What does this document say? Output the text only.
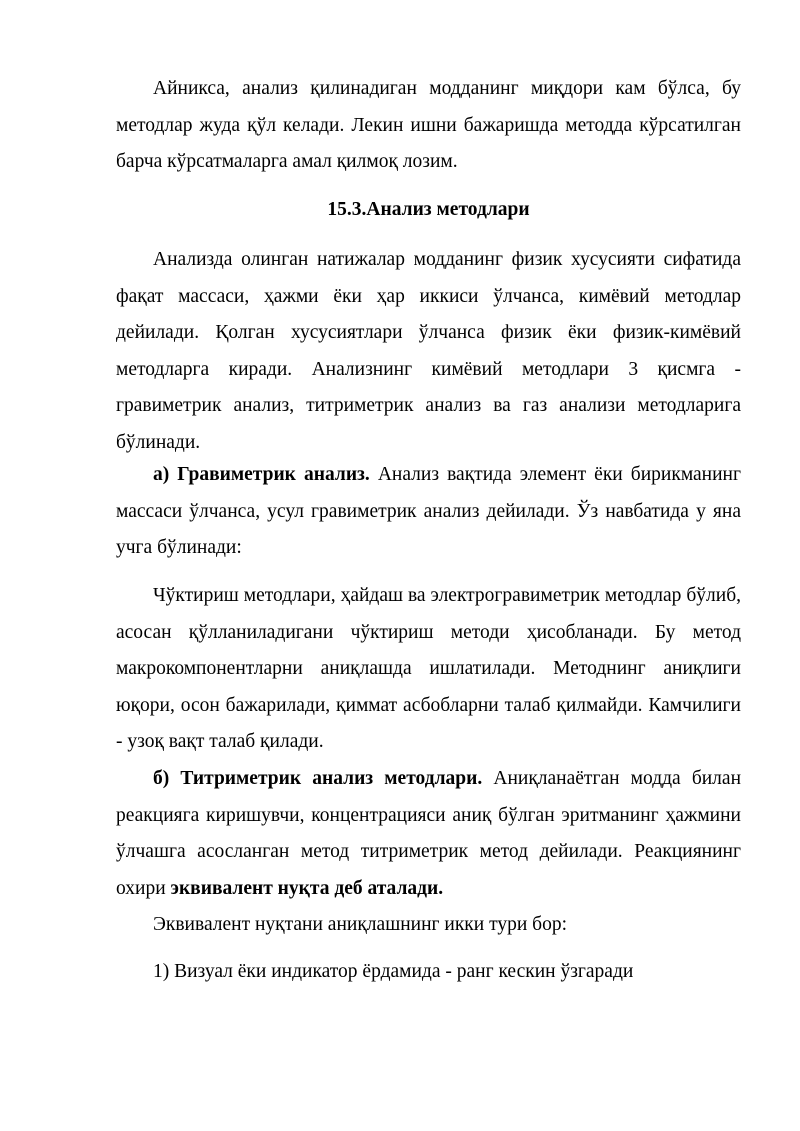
Айникса, анализ қилинадиган модданинг миқдори кам бўлса, бу методлар жуда қўл келади. Лекин ишни бажаришда методда кўрсатилган барча кўрсатмаларга амал қилмоқ лозим.

15.3.Анализ методлари

Анализда олинган натижалар модданинг физик хусусияти сифатида фақат массаси, ҳажми ёки ҳар иккиси ўлчанса, кимёвий методлар дейилади. Қолган хусусиятлари ўлчанса физик ёки физик-кимёвий методларга киради. Анализнинг кимёвий методлари 3 қисмга - гравиметрик анализ, титриметрик анализ ва газ анализи методларига бўлинади.

а) Гравиметрик анализ. Анализ вақтида элемент ёки бирикманинг массаси ўлчанса, усул гравиметрик анализ дейилади. Ўз навбатида у яна учга бўлинади:

Чўктириш методлари, ҳайдаш ва электрогравиметрик методлар бўлиб, асосан қўлланиладигани чўктириш методи ҳисобланади. Бу метод макрокомпонентларни аниқлашда ишлатилади. Методнинг аниқлиги юқори, осон бажарилади, қиммат асбобларни талаб қилмайди. Камчилиги - узоқ вақт талаб қилади.

б) Титриметрик анализ методлари. Аниқланаётган модда билан реакцияга киришувчи, концентрацияси аниқ бўлган эритманинг ҳажмини ўлчашга асосланган метод титриметрик метод дейилади. Реакциянинг охири эквивалент нуқта деб аталади.

Эквивалент нуқтани аниқлашнинг икки тури бор:

1) Визуал ёки индикатор ёрдамида - ранг кескин ўзгаради
